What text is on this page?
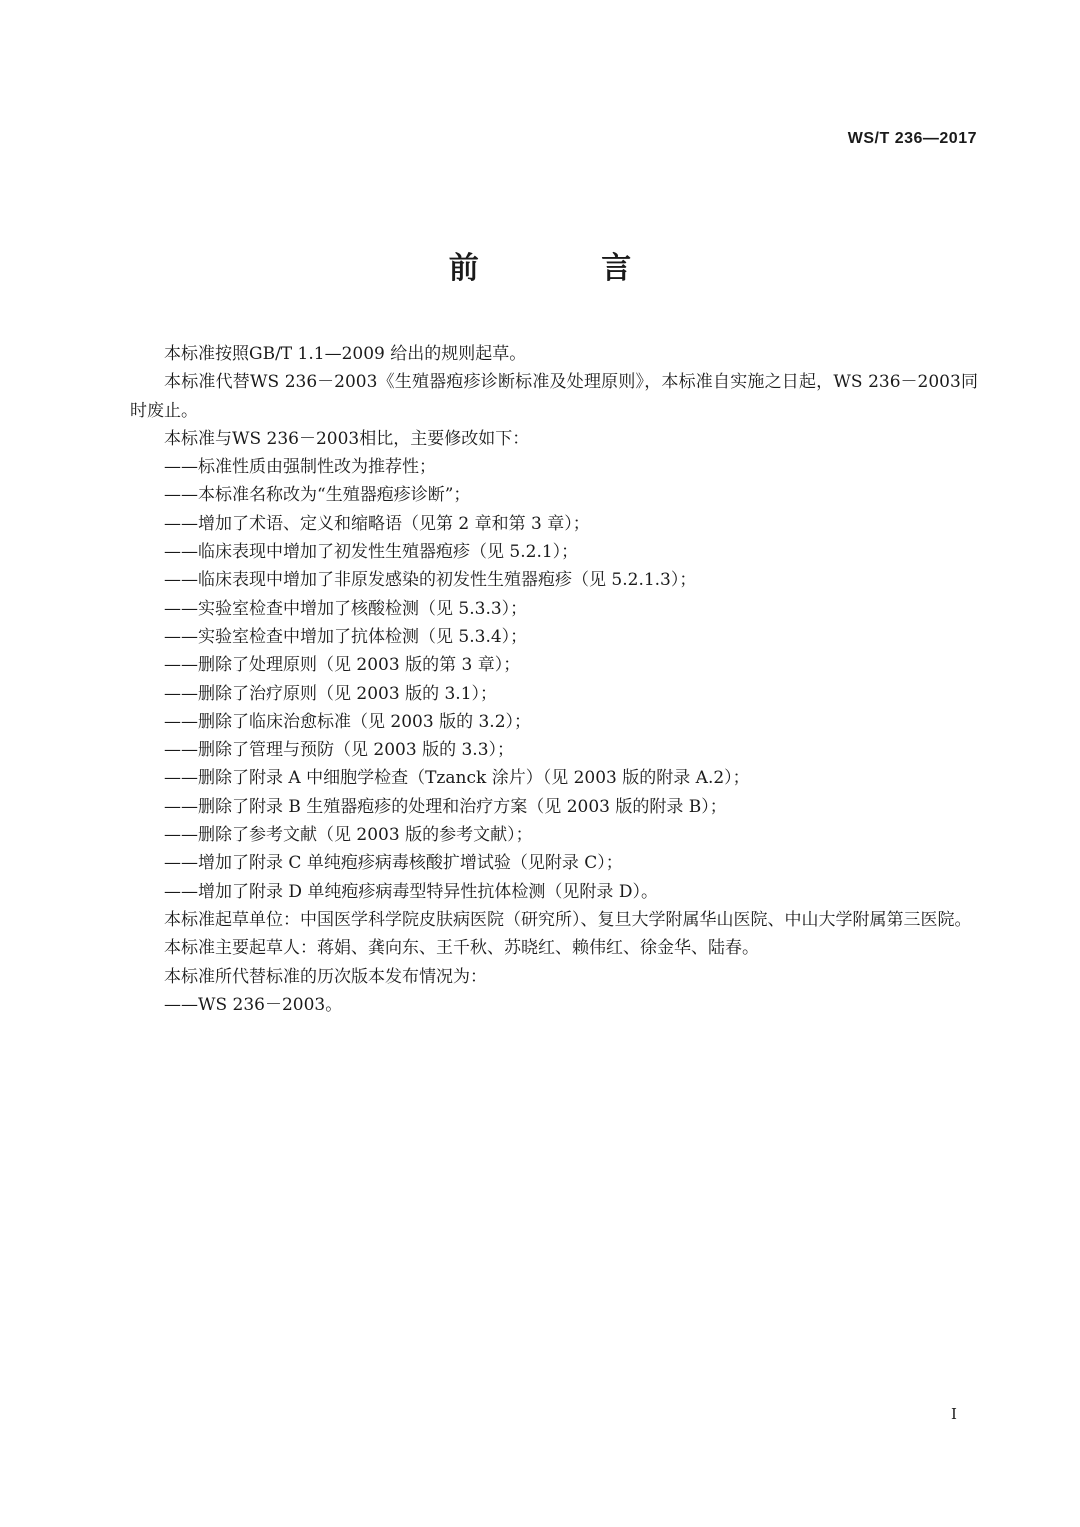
WS/T 236—2017
前 言

本标准按照GB/T 1.1—2009 给出的规则起草。

本标准代替WS 236－2003《生殖器疱疹诊断标准及处理原则》，本标准自实施之日起，WS 236－2003同时废止。

本标准与WS 236－2003相比，主要修改如下：

——标准性质由强制性改为推荐性；

——本标准名称改为“生殖器疱疹诊断”；

——增加了术语、定义和缩略语（见第 2 章和第 3 章）；

——临床表现中增加了初发性生殖器疱疹（见 5.2.1）；

——临床表现中增加了非原发感染的初发性生殖器疱疹（见 5.2.1.3）；

——实验室检查中增加了核酸检测（见 5.3.3）；

——实验室检查中增加了抗体检测（见 5.3.4）；

——删除了处理原则（见 2003 版的第 3 章）；

——删除了治疗原则（见 2003 版的 3.1）；

——删除了临床治愈标准（见 2003 版的 3.2）；

——删除了管理与预防（见 2003 版的 3.3）；

——删除了附录 A 中细胞学检查（Tzanck 涂片）（见 2003 版的附录 A.2）；

——删除了附录 B 生殖器疱疹的处理和治疗方案（见 2003 版的附录 B）；

——删除了参考文献（见 2003 版的参考文献）；

——增加了附录 C 单纯疱疹病毒核酸扩增试验（见附录 C）；

——增加了附录 D 单纯疱疹病毒型特异性抗体检测（见附录 D）。

本标准起草单位：中国医学科学院皮肤病医院（研究所）、复旦大学附属华山医院、中山大学附属第三医院。

本标准主要起草人：蒋娟、龚向东、王千秋、苏晓红、赖伟红、徐金华、陆春。

本标准所代替标准的历次版本发布情况为：

——WS 236－2003。

I
